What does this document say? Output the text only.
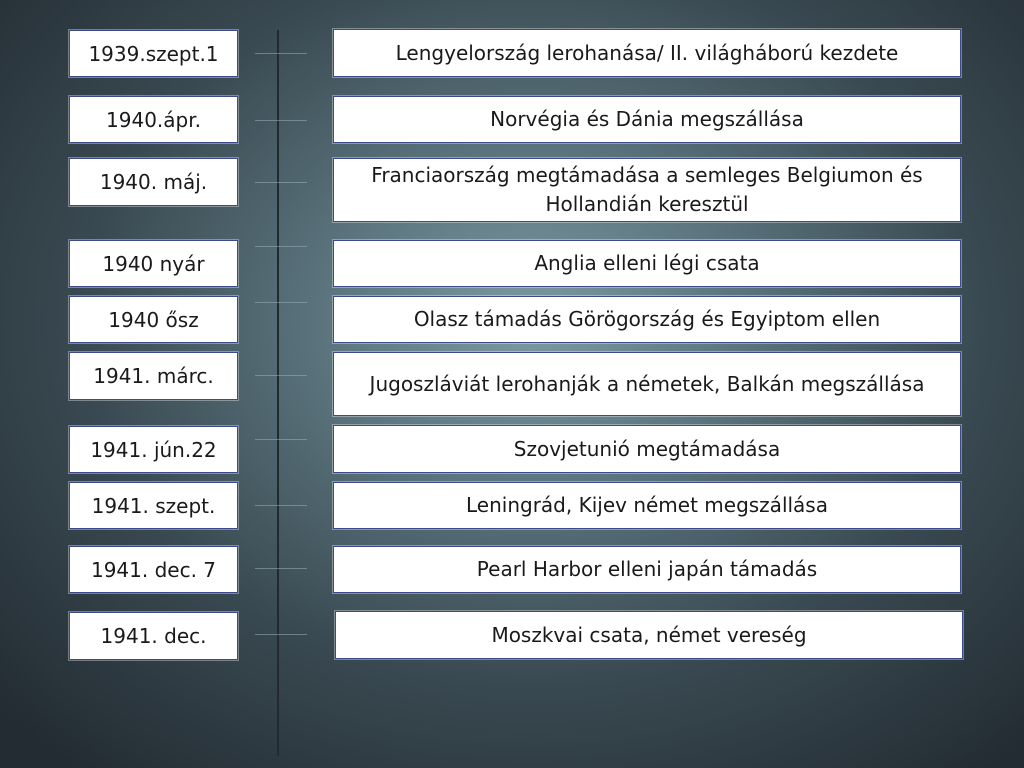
1939.szept.1	Lengyelország lerohanása/ II. világháború kezdete
1940.ápr.	Norvégia és Dánia megszállása
1940. máj.	Franciaország megtámadása a semleges Belgiumon és Hollandián keresztül
1940 nyár	Anglia elleni légi csata
1940 ősz	Olasz támadás Görögország és Egyiptom ellen
1941. márc.	Jugoszláviát lerohanják a németek, Balkán megszállása
1941. jún.22	Szovjetunió megtámadása
1941. szept.	Leningrád, Kijev német megszállása
1941. dec. 7	Pearl Harbor elleni japán támadás
1941. dec.	Moszkvai csata, német vereség
